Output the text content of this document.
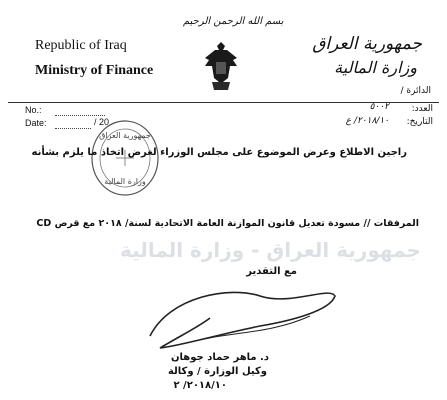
جمهورية العراق - وزارة المالية
بسم الله الرحمن الرحيم
Republic of Iraq
Ministry of Finance
جمهورية العراق
وزارة المالية
الدائرة /
No.:
Date:	/ 20
العدد:
٥٠٠٢
التاريخ:
٢٠١٨/١٠/ ع
جمهورية العراق
وزارة المالية
راجين الاطلاع وعرض الموضوع على مجلس الوزراء لغرض اتخاذ ما يلزم بشأنه
المرفقات // مسودة تعديل قانون الموازنة العامة الاتحادية لسنة/ ٢٠١٨ مع قرص CD
مع التقدير
د. ماهر حماد جوهان
وكيل الوزارة / وكالة
٢٠١٨/١٠/ ٢
